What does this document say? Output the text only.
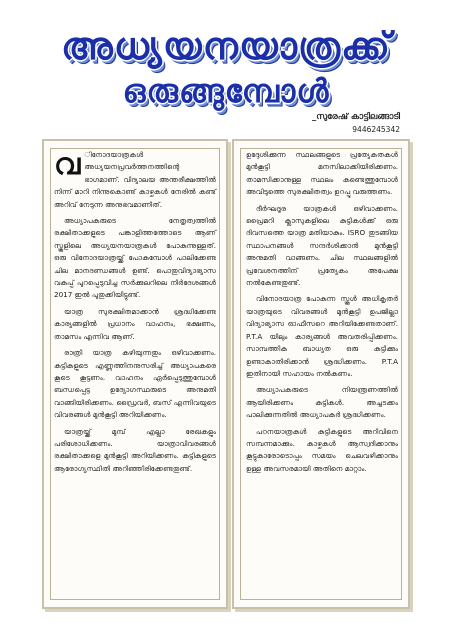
അധ്യയനയാത്രക്ക്
ഒരുങ്ങുമ്പോൾ
_സുരേഷ് കാട്ടിലങ്ങാടി
9446245342

വ ിനോദയാത്രകൾ അധ്യയനപ്രവർത്തനത്തിന്റെ ഭാഗമാണ്. വിദ്യാലയ അന്തരീക്ഷത്തിൽ നിന്ന് മാറി നിന്നുകൊണ്ട് കാഴ്ചകൾ നേരിൽ കണ്ട് അറിവ് നേടുന്ന അനുഭവമാണിത്.

അധ്യാപകരുടെ നേതൃത്വത്തിൽ രക്ഷിതാക്കളുടെ പങ്കാളിത്തത്തോടെ ആണ് സ്കൂളിലെ അധ്യയനയാത്രകൾ പോകുന്നുള്ളത്. ഒരു വിനോദയാത്രയ്ക്ക് പോകുമ്പോൾ പാലിക്കേണ്ട ചില മാനദണ്ഡങ്ങൾ ഉണ്ട്. പൊതുവിദ്യാഭ്യാസ വകുപ്പ് പുറപ്പെടുവിച്ച സർക്കുലറിലെ നിർദേശങ്ങൾ 2017 ഇൽ പുതുക്കിയിട്ടുണ്ട്.

യാത്ര സുരക്ഷിതമാക്കാൻ ശ്രദ്ധിക്കേണ്ട കാര്യങ്ങളിൽ പ്രധാനം വാഹനം, ഭക്ഷണം, താമസം എന്നിവ ആണ്.

രാത്രി യാത്ര കഴിയുന്നതും ഒഴിവാക്കണം. കുട്ടികളുടെ എണ്ണത്തിനനുസരിച്ച് അധ്യാപകരെ കൂടെ കൂട്ടണം. വാഹനം ഏർപ്പെടുത്തുമ്പോൾ ബന്ധപ്പെട്ട ഉദ്യോഗസ്ഥരുടെ അനുമതി വാങ്ങിയിരിക്കണം. ഡ്രൈവർ, ബസ് എന്നിവയുടെ വിവരങ്ങൾ മുൻകൂട്ടി അറിയിക്കണം.

യാത്രയ്ക്ക് മുമ്പ് എല്ലാ രേഖകളും പരിശോധിക്കണം. യാത്രാവിവരങ്ങൾ രക്ഷിതാക്കളെ മുൻകൂട്ടി അറിയിക്കണം. കുട്ടികളുടെ ആരോഗ്യസ്ഥിതി അറിഞ്ഞിരിക്കേണ്ടതുണ്ട്.

ഉദ്ദേശിക്കുന്ന സ്ഥലങ്ങളുടെ പ്രത്യേകതകൾ മുൻകൂട്ടി മനസിലാക്കിയിരിക്കണം. താമസിക്കാനുള്ള സ്ഥലം കണ്ടെത്തുമ്പോൾ അവിടുത്തെ സുരക്ഷിതത്വം ഉറപ്പു വരുത്തണം.

ദീർഘദൂര യാത്രകൾ ഒഴിവാക്കണം. പ്രൈമറി ക്ലാസുകളിലെ കുട്ടികൾക്ക് ഒരു ദിവസത്തെ യാത്ര മതിയാകും. ISRO തുടങ്ങിയ സ്ഥാപനങ്ങൾ സന്ദർശിക്കാൻ മുൻകൂട്ടി അനുമതി വാങ്ങണം. ചില സ്ഥലങ്ങളിൽ പ്രവേശനത്തിന് പ്രത്യേകം അപേക്ഷ നൽകേണ്ടതുണ്ട്.

വിനോദയാത്ര പോകുന്ന സ്കൂൾ അധികൃതർ യാത്രയുടെ വിവരങ്ങൾ മുൻകൂട്ടി ഉപജില്ലാ വിദ്യാഭ്യാസ ഓഫീസറെ അറിയിക്കേണ്ടതാണ്. P.T.A യിലും കാര്യങ്ങൾ അവതരിപ്പിക്കണം. സാമ്പത്തിക ബാധ്യത ഒരു കുട്ടിക്കും ഉണ്ടാകാതിരിക്കാൻ ശ്രദ്ധിക്കണം. P.T.A ഇതിനായി സഹായം നൽകണം.

അധ്യാപകരുടെ നിയന്ത്രണത്തിൽ ആയിരിക്കണം കുട്ടികൾ. അച്ചടക്കം പാലിക്കുന്നതിൽ അധ്യാപകർ ശ്രദ്ധിക്കണം.

പഠനയാത്രകൾ കുട്ടികളുടെ അറിവിനെ സമ്പന്നമാക്കും. കാഴ്ചകൾ ആസ്വദിക്കാനും കൂട്ടുകാരോടൊപ്പം സമയം ചെലവഴിക്കാനും ഉള്ള അവസരമായി അതിനെ മാറ്റാം.
